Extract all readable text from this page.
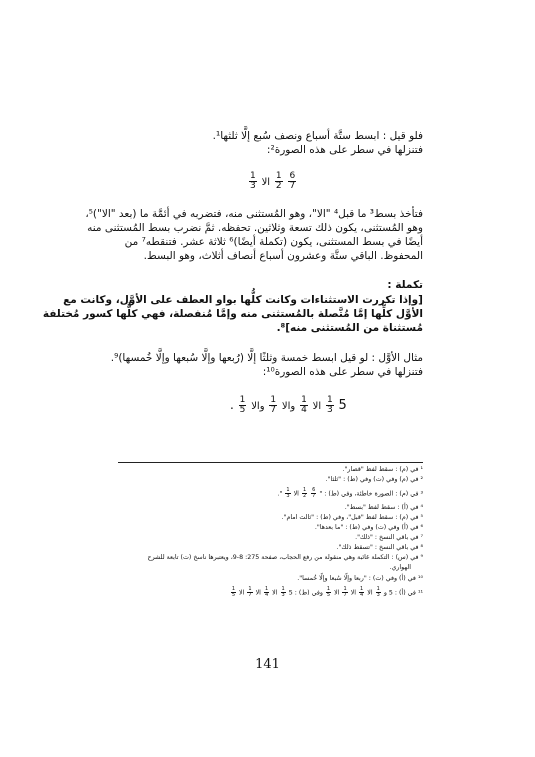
فلو قيل : ابسط ستَّة أسباع ونصف سُبع إلَّا ثلثها¹.
فتنزلها في سطر على هذه الصورة²:
$\frac{1}{3}$ الا $\frac{1}{2}$
$\frac{6}{7}$
فتأخذ بسط³ ما قبل⁴ "الا"، وهو المُستثنى منه، فتضربه في أئمَّة ما (بعد "الا")⁵،
وهو المُستثنى، يكون ذلك تسعة وثلاثين. تحفظه. ثمَّ نضرب بسط المُستثنى منه
أيضًا في بسط المستثنى، يكون (تكملة أيضًا)⁶ ثلاثة عشر. فتنقطه⁷ من
المحفوظ. الباقي ستَّة وعشرون أسباع أنصاف أثلاث، وهو البسط.
تكملة :
[وإذا تكررت الاستثناءات وكانت كلُّها بواو العطف على الأوَّل، وكانت مع
الأوَّل كلِّها إمَّا مُتَّصلة بالمُستثنى منه وإمَّا مُنفصلة، فهي كلُّها كسور مُختلفة
مُستثناة من المُستثنى منه]⁸.
مثال الأوَّل : لو قيل ابسط خمسة وثلثًا إلَّا (رُبعها وإلَّا سُبعها وإلَّا خُمسها)⁹.
فتنزلها في سطر على هذه الصورة¹⁰:
5
$\frac{1}{3}$
الا
$\frac{1}{4}$
والا
$\frac{1}{7}$
والا
$\frac{1}{5}$
.
¹ في (م) : سقط لفظ "قصار".
² في (م) وفي (ت) وفي (ط) : "ثلثا".
³ في (م) : الصورة خاطئة، وفي (ط) : "
$\frac{1}{3}$ الا $\frac{1}{2}$
$\frac{6}{7}$
".
⁴ في (أ) : سقط لفظ "بسط".
⁵ في (م) : سقط لفظ "قبل"، وفي (ط) : "ثالث امام".
⁶ في (أ) وفي (ت) وفي (ط) : "ما بعدها".
⁷ في باقي النسخ : "ذلك".
⁸ في باقي النسخ : "تسقط ذلك".
⁹ في (س) : التكملة غائبة وهي منقولة من رفع الحجاب، صفحة 275: 8-9، ويعتبرها ناسخ (ت) تابعة للشرح
الهواري.
¹⁰ في (أ) وفي (ت) : "ربعا وإلّا سُبعا وإلّا خُمسا".
¹¹ في (أ) : 5 و
$\frac{1}{3}$
الا
$\frac{1}{4}$
الا
$\frac{1}{7}$
الا
$\frac{1}{5}$
وفي (ط) : 5
$\frac{1}{3}$
الا
$\frac{1}{4}$
الا
$\frac{1}{7}$
الا
$\frac{1}{5}$
141
